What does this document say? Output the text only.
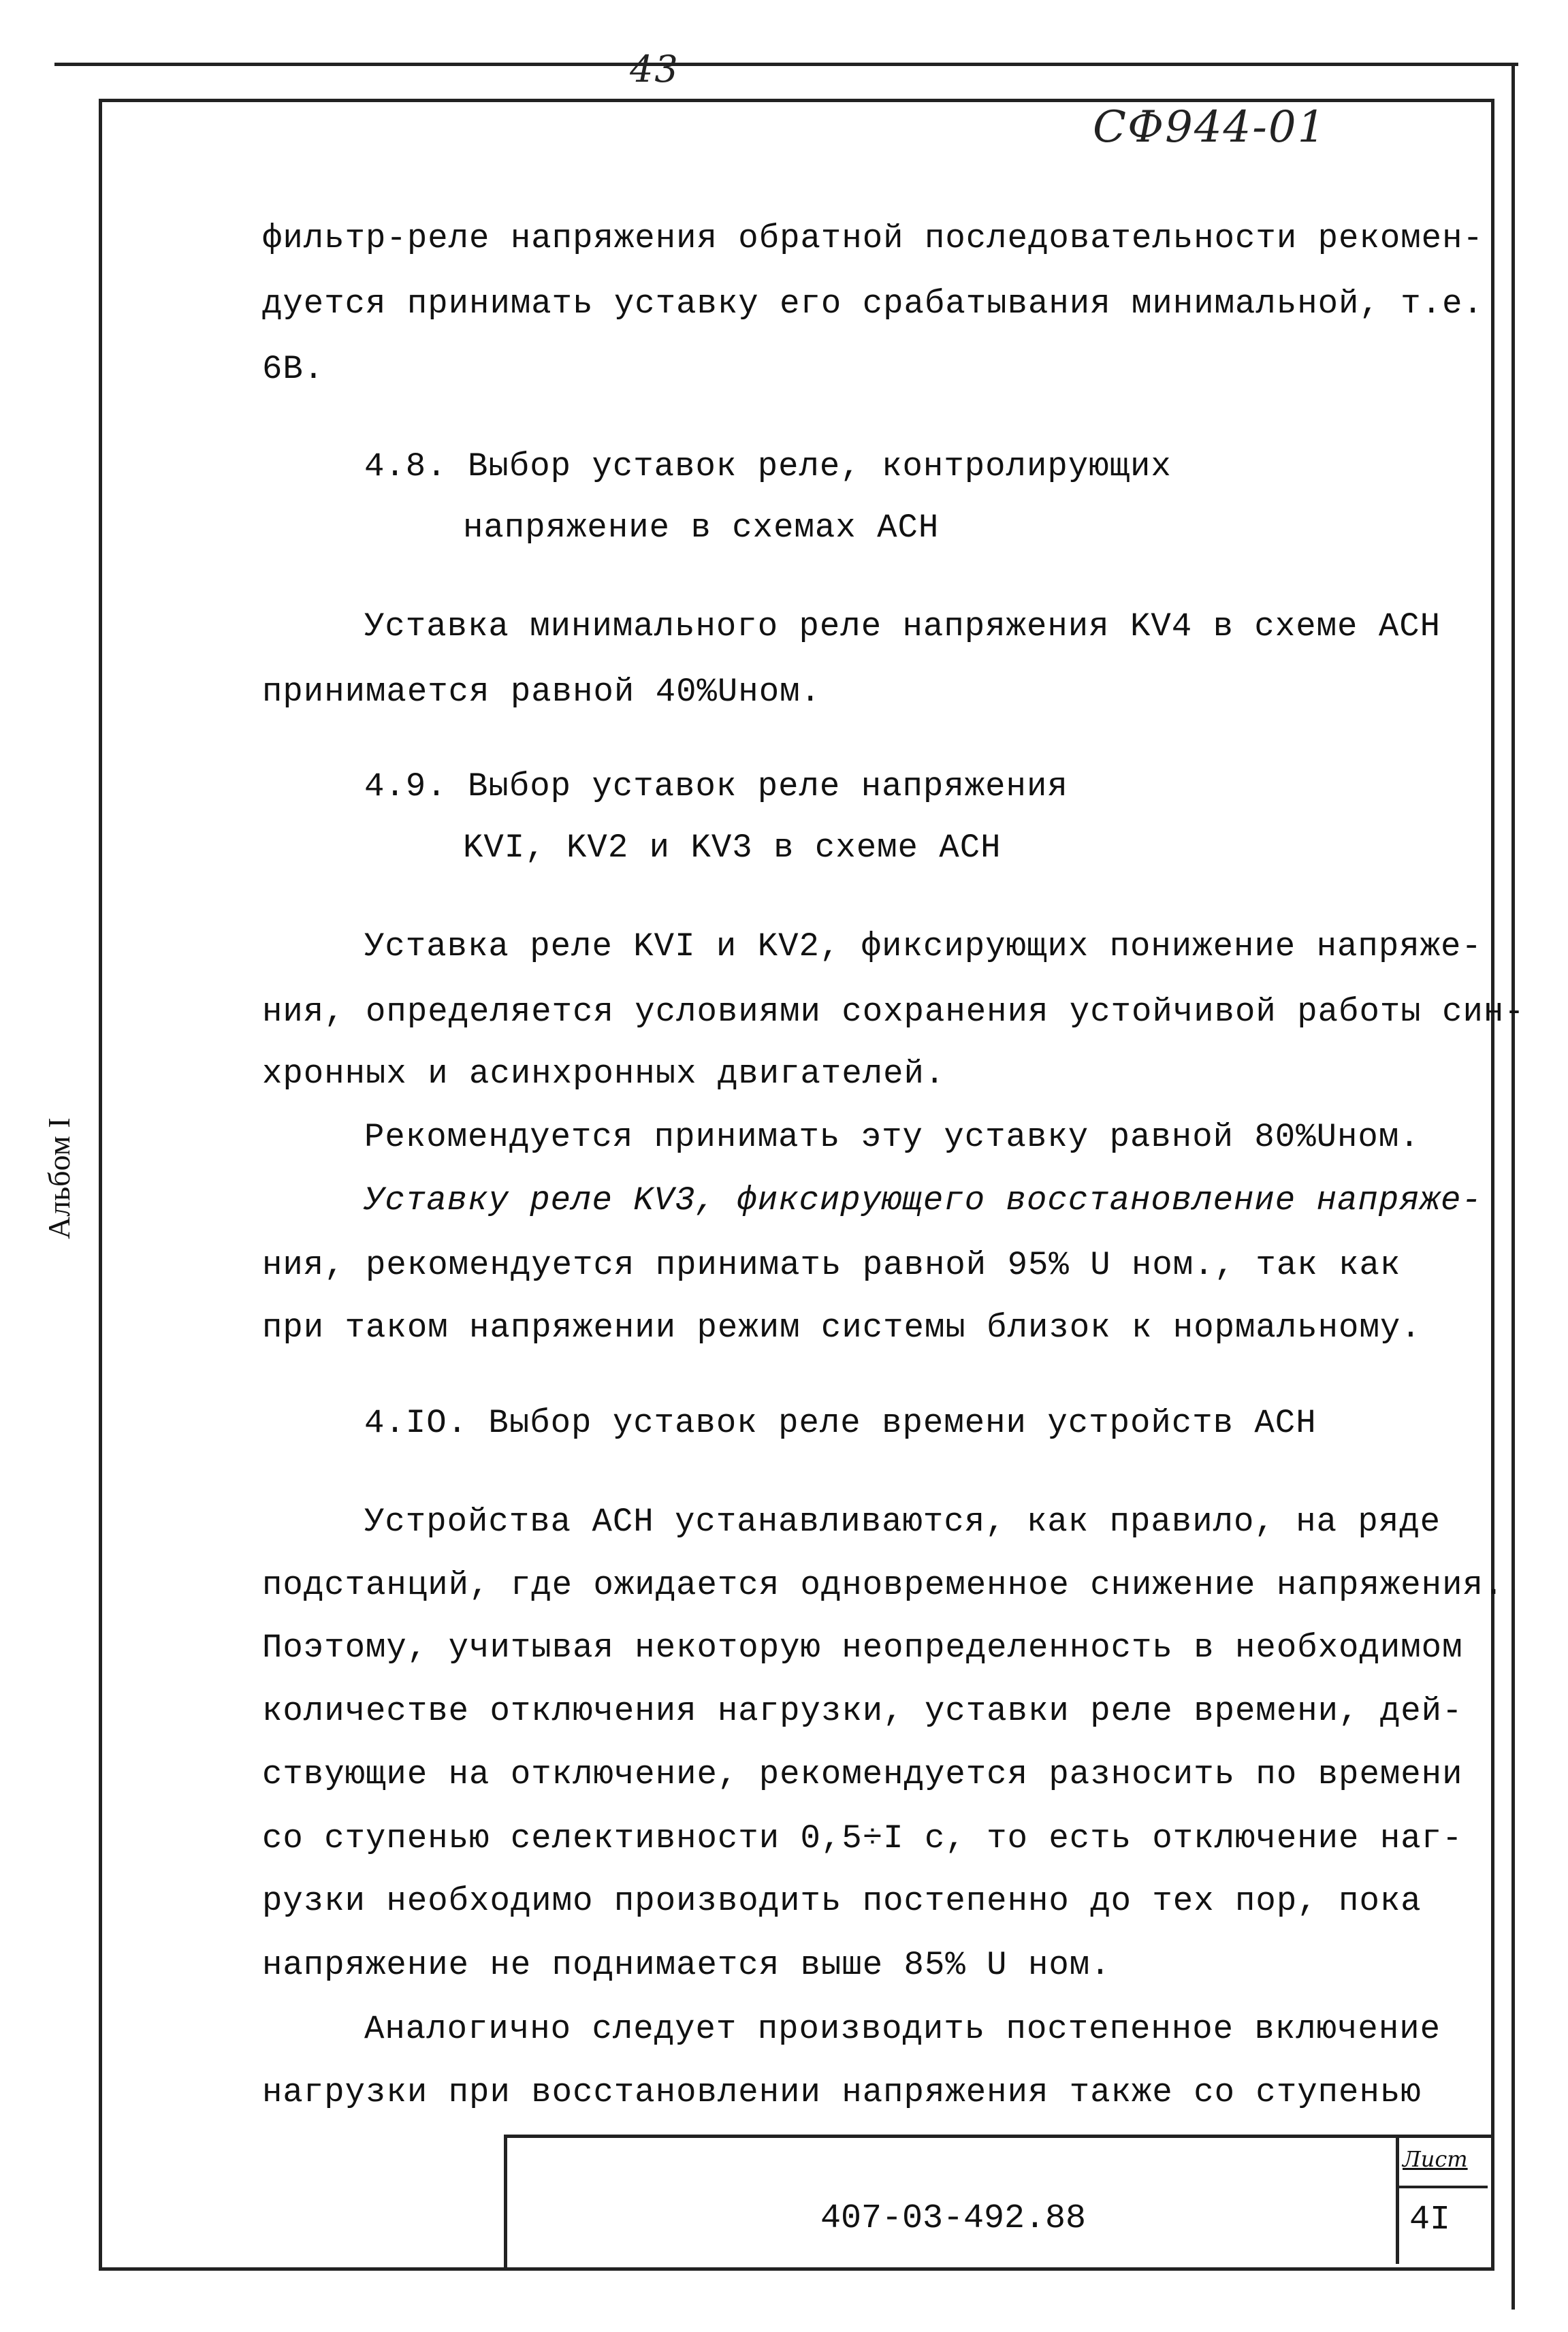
43
СФ944-01
Альбом I
фильтр-реле напряжения обратной последовательности рекомен-
дуется принимать уставку его срабатывания минимальной, т.е.
6В.
4.8. Выбор уставок реле, контролирующих
напряжение в схемах АСН
Уставка минимального реле напряжения KV4 в схеме АСН
принимается равной 40%Uном.
4.9. Выбор уставок реле напряжения
KVI, KV2 и KV3 в схеме АСН
Уставка реле KVI и KV2, фиксирующих понижение напряже-
ния, определяется условиями сохранения устойчивой работы син-
хронных и асинхронных двигателей.
Рекомендуется принимать эту уставку равной 80%Uном.
Уставку реле KV3, фиксирующего восстановление напряже-
ния, рекомендуется принимать равной 95% U ном., так как
при таком напряжении режим системы близок к нормальному.
4.IO. Выбор уставок реле времени устройств АСН
Устройства АСН устанавливаются, как правило, на ряде
подстанций, где ожидается одновременное снижение напряжения.
Поэтому, учитывая некоторую неопределенность в необходимом
количестве отключения нагрузки, уставки реле времени, дей-
ствующие на отключение, рекомендуется разносить по времени
со ступенью селективности 0,5÷I с, то есть отключение наг-
рузки необходимо производить постепенно до тех пор, пока
напряжение не поднимается выше 85% U ном.
Аналогично следует производить постепенное включение
нагрузки при восстановлении напряжения также со ступенью
407-03-492.88
Лист
4I
